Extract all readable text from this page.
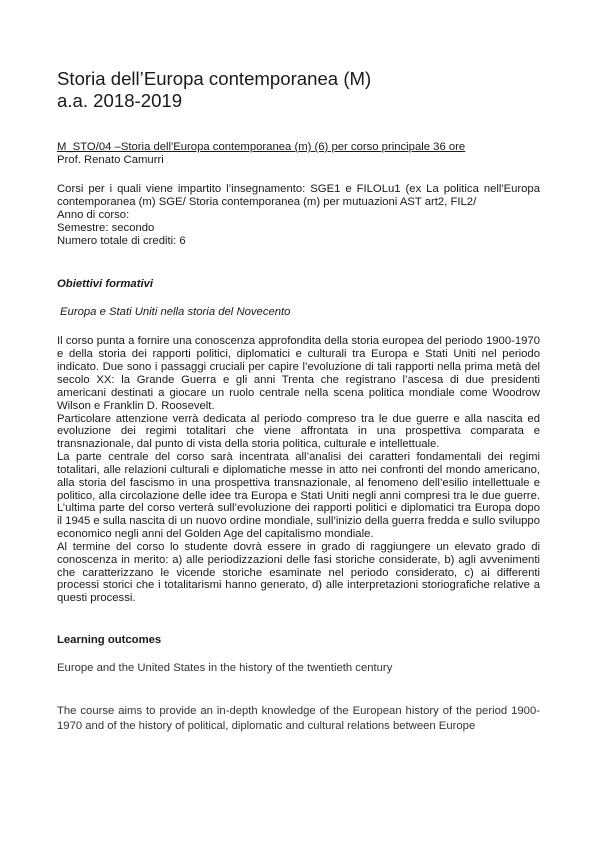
Storia dell’Europa contemporanea (M)
a.a. 2018-2019
M_STO/04 –Storia dell'Europa contemporanea (m) (6) per corso principale 36 ore
Prof. Renato Camurri
Corsi per i quali viene impartito l’insegnamento: SGE1 e FILOLu1 (ex La politica nell'Europa contemporanea (m) SGE/ Storia contemporanea (m) per mutuazioni AST art2, FIL2/
Anno di corso:
Semestre: secondo
Numero totale di crediti: 6
Obiettivi formativi
Europa e Stati Uniti nella storia del Novecento

Il corso punta a fornire una conoscenza approfondita della storia europea del periodo 1900-1970 e della storia dei rapporti politici, diplomatici e culturali tra Europa e Stati Uniti nel periodo indicato. Due sono i passaggi cruciali per capire l’evoluzione di tali rapporti nella prima metà del secolo XX: la Grande Guerra e gli anni Trenta che registrano l’ascesa di due presidenti americani destinati a giocare un ruolo centrale nella scena politica mondiale come Woodrow Wilson e Franklin D. Roosevelt.

Particolare attenzione verrà dedicata al periodo compreso tra le due guerre e alla nascita ed evoluzione dei regimi totalitari che viene affrontata in una prospettiva comparata e transnazionale, dal punto di vista della storia politica, culturale e intellettuale.

La parte centrale del corso sarà incentrata all’analisi dei caratteri fondamentali dei regimi totalitari, alle relazioni culturali e diplomatiche messe in atto nei confronti del mondo americano, alla storia del fascismo in una prospettiva transnazionale, al fenomeno dell’esilio intellettuale e politico, alla circolazione delle idee tra Europa e Stati Uniti negli anni compresi tra le due guerre. L’ultima parte del corso verterà sull’evoluzione dei rapporti politici e diplomatici tra Europa dopo il 1945 e sulla nascita di un nuovo ordine mondiale, sull’inizio della guerra fredda e sullo sviluppo economico negli anni del Golden Age del capitalismo mondiale.

Al termine del corso lo studente dovrà essere in grado di raggiungere un elevato grado di conoscenza in merito: a) alle periodizzazioni delle fasi storiche considerate, b) agli avvenimenti che caratterizzano le vicende storiche esaminate nel periodo considerato, c) ai differenti processi storici che i totalitarismi hanno generato, d) alle interpretazioni storiografiche relative a questi processi.

Learning outcomes
Europe and the United States in the history of the twentieth century
The course aims to provide an in-depth knowledge of the European history of the period 1900-1970 and of the history of political, diplomatic and cultural relations between Europe
